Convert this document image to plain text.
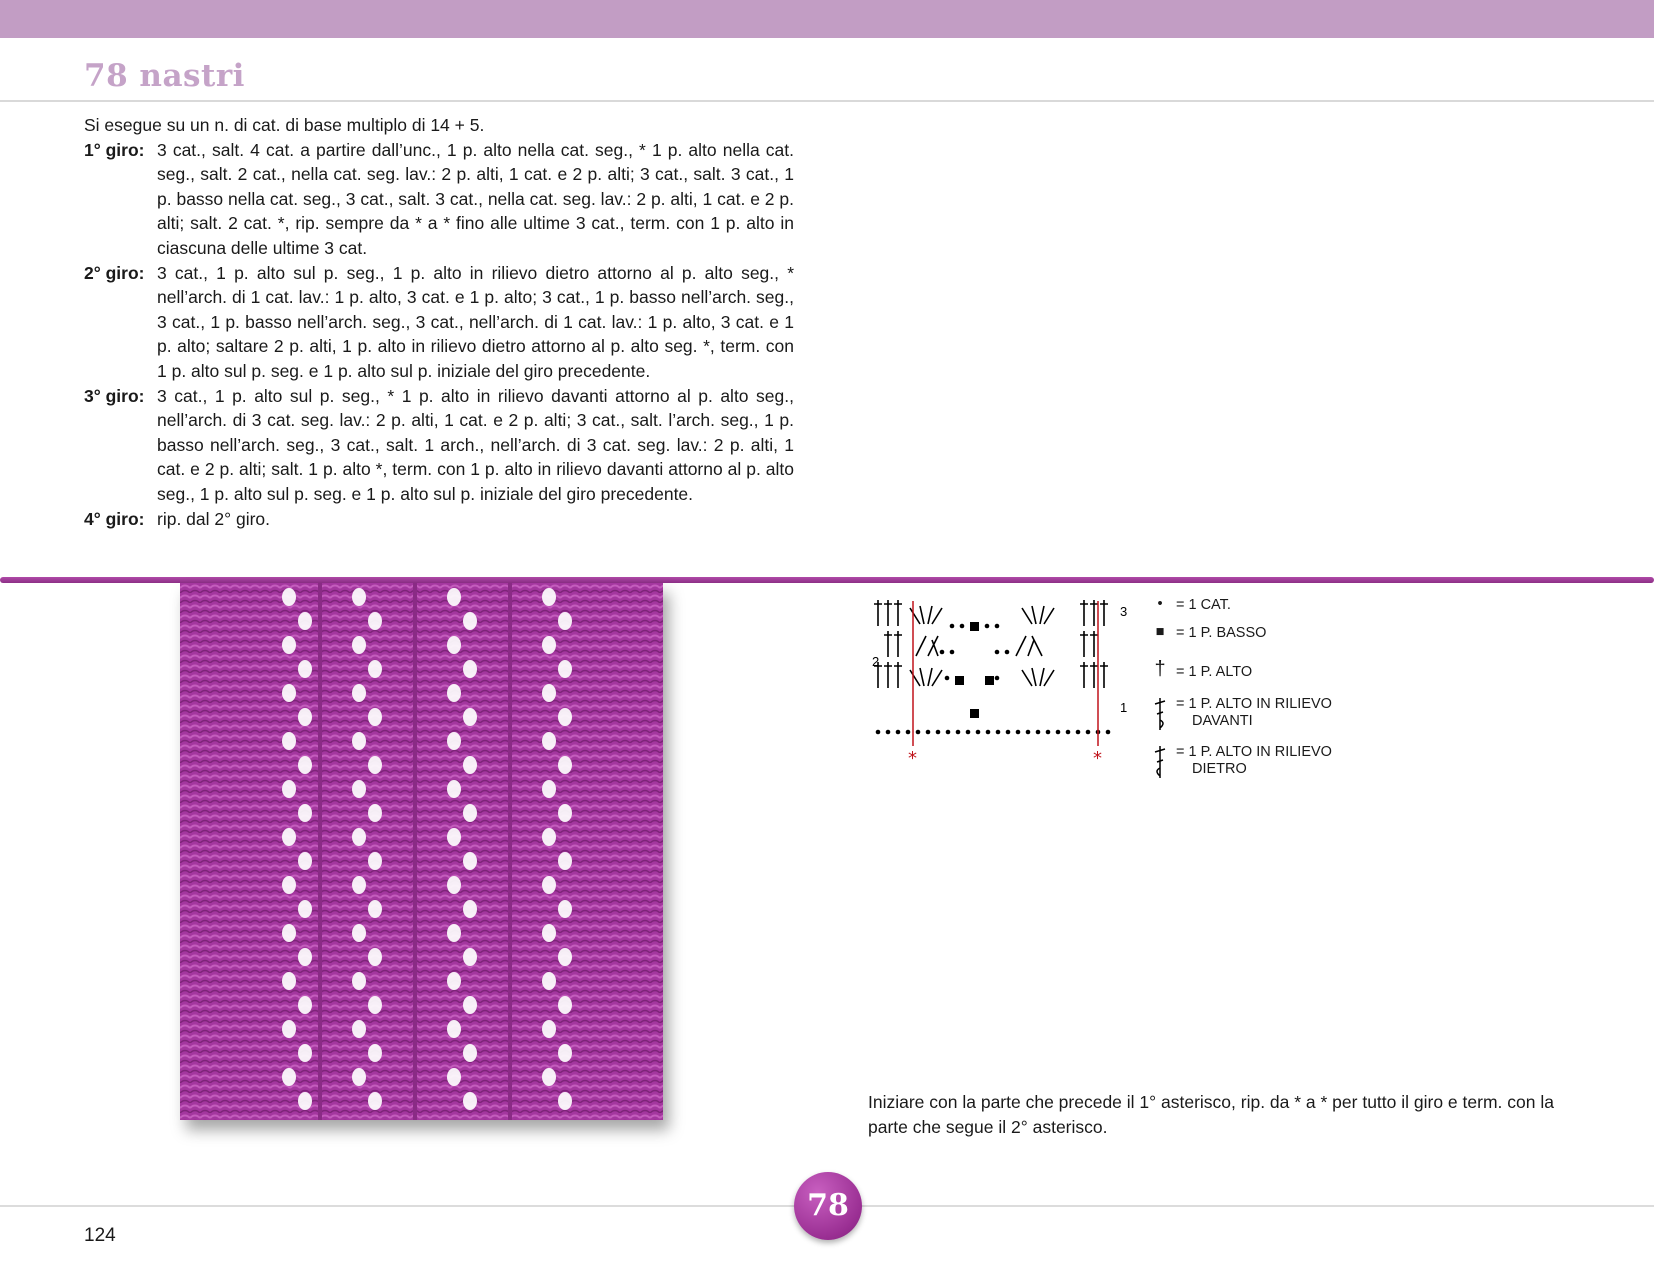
78 nastri

Si esegue su un n. di cat. di base multiplo di 14 + 5.

1° giro: 3 cat., salt. 4 cat. a partire dall’unc., 1 p. alto nella cat. seg., * 1 p. alto nella cat. seg., salt. 2 cat., nella cat. seg. lav.: 2 p. alti, 1 cat. e 2 p. alti; 3 cat., salt. 3 cat., 1 p. basso nella cat. seg., 3 cat., salt. 3 cat., nella cat. seg. lav.: 2 p. alti, 1 cat. e 2 p. alti; salt. 2 cat. *, rip. sempre da * a * fino alle ultime 3 cat., term. con 1 p. alto in ciascuna delle ultime 3 cat.
2° giro: 3 cat., 1 p. alto sul p. seg., 1 p. alto in rilievo dietro attorno al p. alto seg., * nell’arch. di 1 cat. lav.: 1 p. alto, 3 cat. e 1 p. alto; 3 cat., 1 p. basso nell’arch. seg., 3 cat., 1 p. basso nell’arch. seg., 3 cat., nell’arch. di 1 cat. lav.: 1 p. alto, 3 cat. e 1 p. alto; saltare 2 p. alti, 1 p. alto in rilievo dietro attorno al p. alto seg. *, term. con 1 p. alto sul p. seg. e 1 p. alto sul p. iniziale del giro precedente.
3° giro: 3 cat., 1 p. alto sul p. seg., * 1 p. alto in rilievo davanti attorno al p. alto seg., nell’arch. di 3 cat. seg. lav.: 2 p. alti, 1 cat. e 2 p. alti; 3 cat., salt. l’arch. seg., 1 p. basso nell’arch. seg., 3 cat., salt. 1 arch., nell’arch. di 3 cat. seg. lav.: 2 p. alti, 1 cat. e 2 p. alti; salt. 1 p. alto *, term. con 1 p. alto in rilievo davanti attorno al p. alto seg., 1 p. alto sul p. seg. e 1 p. alto sul p. iniziale del giro precedente.
4° giro: rip. dal 2° giro.
*	*
3
2
1
• = 1 CAT.
■ = 1 P. BASSO
† = 1 P. ALTO
= 1 P. ALTO IN RILIEVO
DAVANTI
= 1 P. ALTO IN RILIEVO
DIETRO
Iniziare con la parte che precede il 1° asterisco, rip. da * a * per tutto il giro e term. con la parte che segue il 2° asterisco.
124
78
